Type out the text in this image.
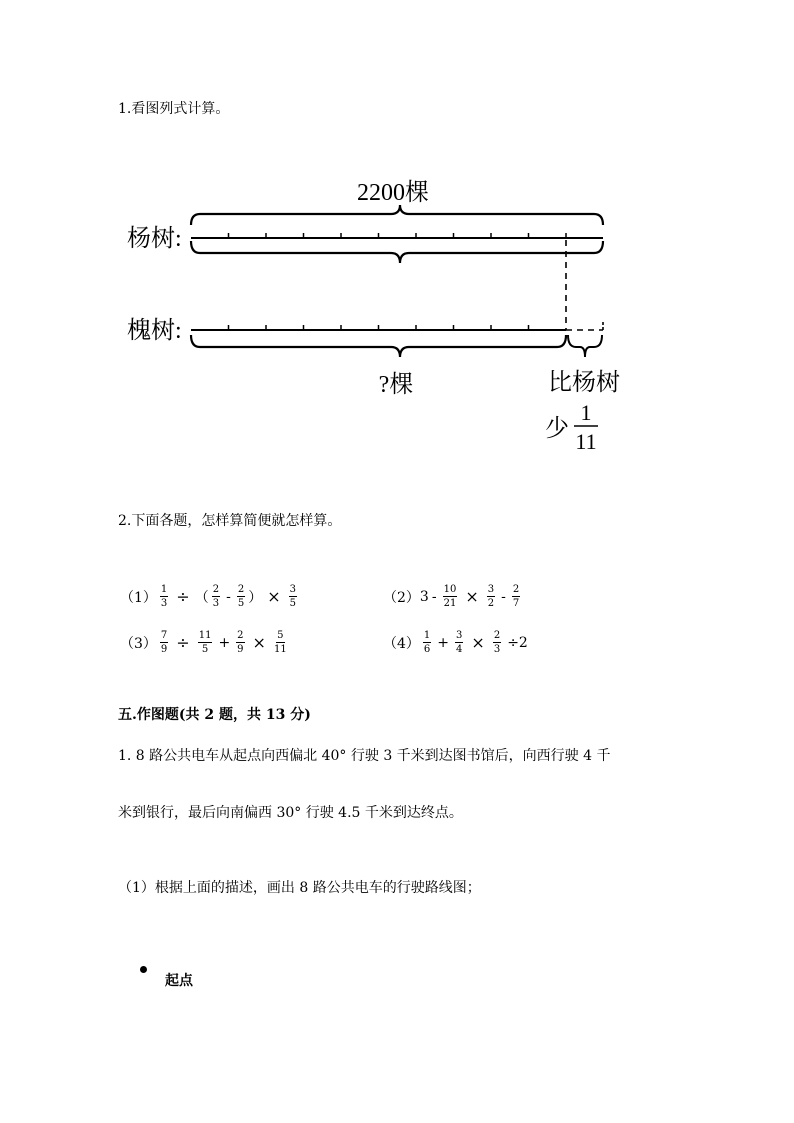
1.看图列式计算。
2200棵
杨树:
槐树:
?棵	比杨树
少
1
11
2.下面各题，怎样算简便就怎样算。
$(1) \frac{1}{3}$ ÷ （ $\frac{2}{3} - \frac{2}{5}$ ） × $\frac{3}{5}$	（2） $3 - \frac{10}{21} \times \frac{3}{2} - \frac{2}{7}$
$(3) \frac{7}{9} \div \frac{11}{5} + \frac{2}{9} \times \frac{5}{11}$	$(4) \frac{1}{6} + \frac{3}{4} \times \frac{2}{3} \div 2$
五.作图题(共 2 题，共 13 分)
1. 8 路公共电车从起点向西偏北 40° 行驶 3 千米到达图书馆后，向西行驶 4 千
米到银行，最后向南偏西 30° 行驶 4.5 千米到达终点。
（1）根据上面的描述，画出 8 路公共电车的行驶路线图；
起点
